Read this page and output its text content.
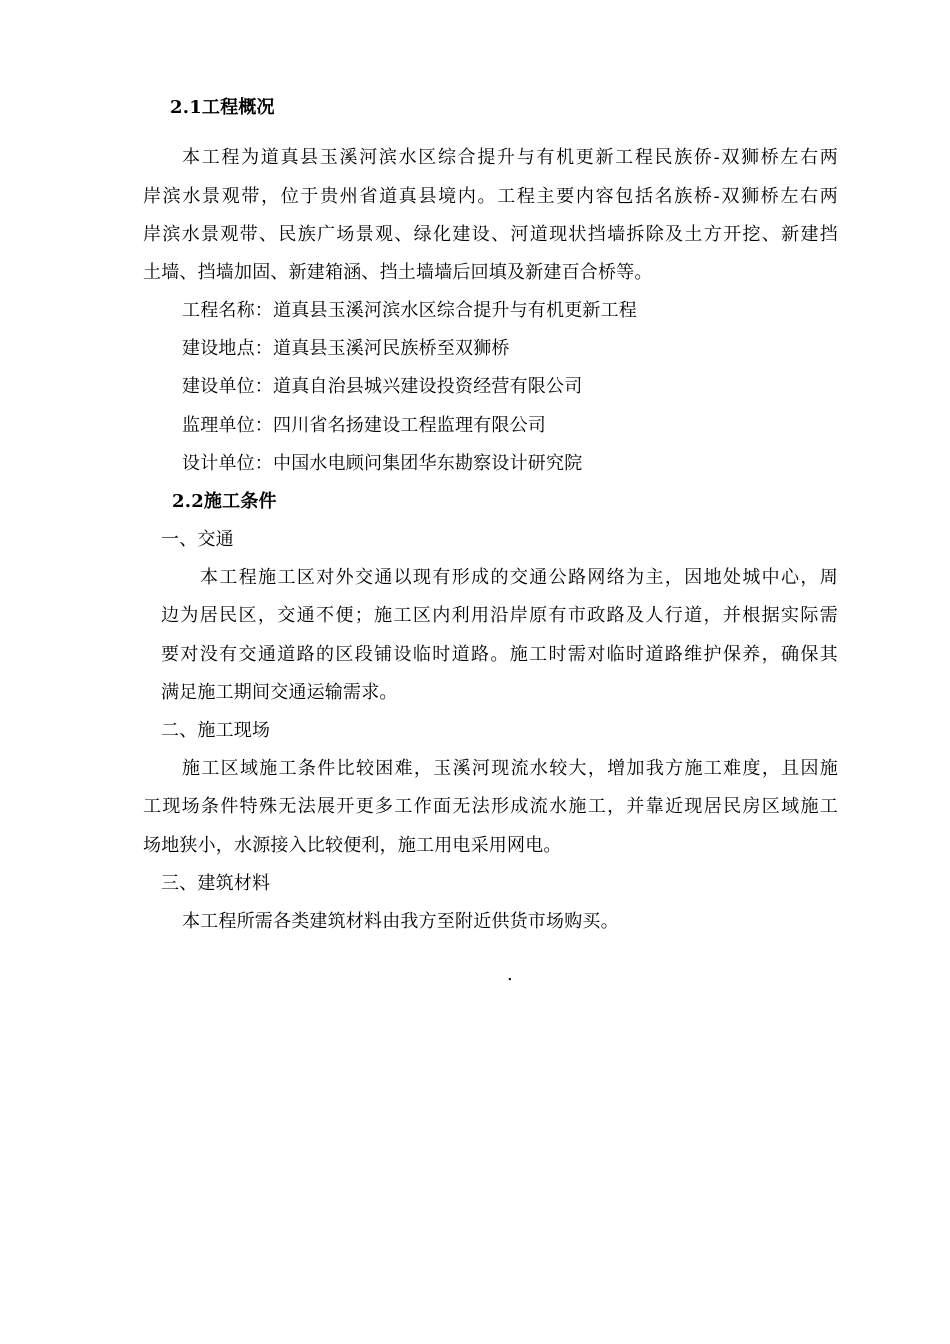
2.1工程概况
本工程为道真县玉溪河滨水区综合提升与有机更新工程民族侨-双狮桥左右两
岸滨水景观带，位于贵州省道真县境内。工程主要内容包括名族桥-双狮桥左右两
岸滨水景观带、民族广场景观、绿化建设、河道现状挡墙拆除及土方开挖、新建挡
土墙、挡墙加固、新建箱涵、挡土墙墙后回填及新建百合桥等。
工程名称：道真县玉溪河滨水区综合提升与有机更新工程
建设地点：道真县玉溪河民族桥至双狮桥
建设单位：道真自治县城兴建设投资经营有限公司
监理单位：四川省名扬建设工程监理有限公司
设计单位：中国水电顾问集团华东勘察设计研究院
2.2施工条件
一、交通
本工程施工区对外交通以现有形成的交通公路网络为主，因地处城中心，周
边为居民区，交通不便；施工区内利用沿岸原有市政路及人行道，并根据实际需
要对没有交通道路的区段铺设临时道路。施工时需对临时道路维护保养，确保其
满足施工期间交通运输需求。
二、施工现场
施工区域施工条件比较困难，玉溪河现流水较大，增加我方施工难度，且因施
工现场条件特殊无法展开更多工作面无法形成流水施工，并靠近现居民房区域施工
场地狭小，水源接入比较便利，施工用电采用网电。
三、建筑材料
本工程所需各类建筑材料由我方至附近供货市场购买。
.
